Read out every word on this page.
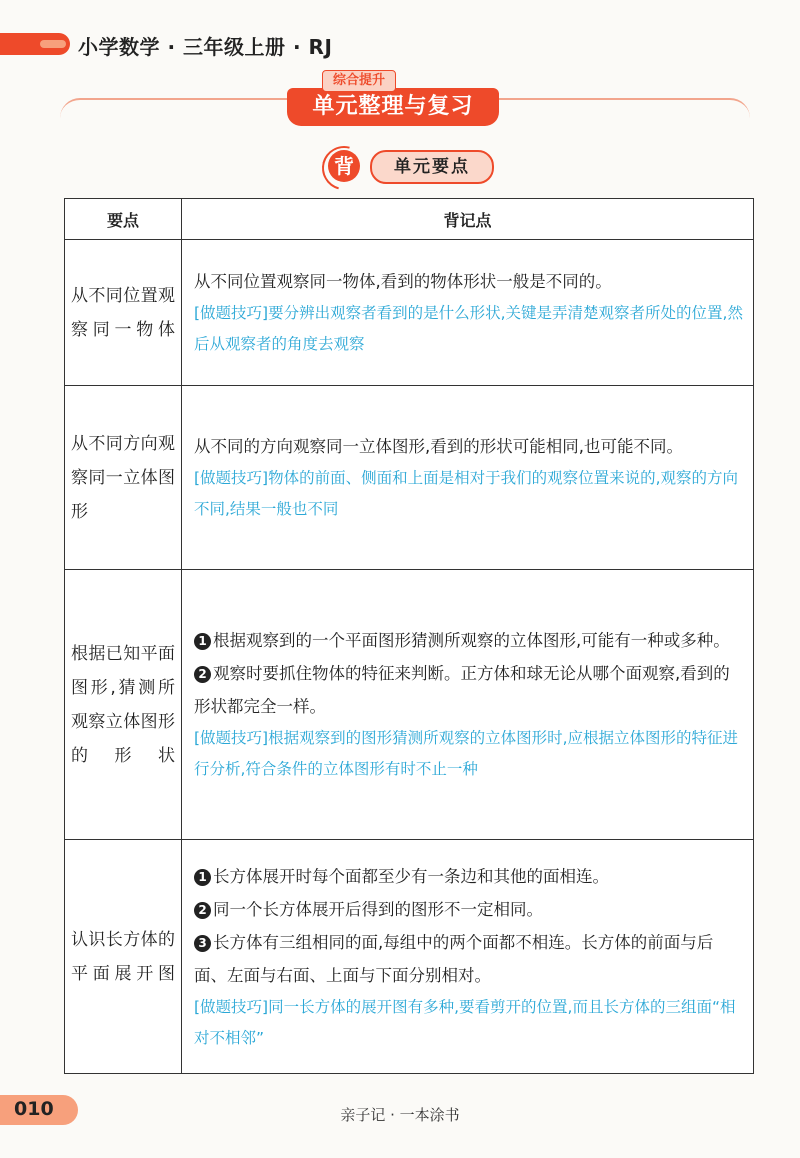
小学数学 · 三年级上册 · RJ
单元整理与复习
综合提升
背	单元要点
要点	背记点
从不同位置观察同一物体	从不同位置观察同一物体,看到的物体形状一般是不同的。
[做题技巧]要分辨出观察者看到的是什么形状,关键是弄清楚观察者所处的位置,然后从观察者的角度去观察

从不同方向观察同一立体图形	从不同的方向观察同一立体图形,看到的形状可能相同,也可能不同。
[做题技巧]物体的前面、侧面和上面是相对于我们的观察位置来说的,观察的方向不同,结果一般也不同

根据已知平面图形,猜测所观察立体图形的形状	1 根据观察到的一个平面图形猜测所观察的立体图形,可能有一种或多种。
2 观察时要抓住物体的特征来判断。正方体和球无论从哪个面观察,看到的形状都完全一样。
[做题技巧]根据观察到的图形猜测所观察的立体图形时,应根据立体图形的特征进行分析,符合条件的立体图形有时不止一种

认识长方体的平面展开图	1 长方体展开时每个面都至少有一条边和其他的面相连。
2 同一个长方体展开后得到的图形不一定相同。
3 长方体有三组相同的面,每组中的两个面都不相连。长方体的前面与后面、左面与右面、上面与下面分别相对。
[做题技巧]同一长方体的展开图有多种,要看剪开的位置,而且长方体的三组面“相对不相邻”
010	亲子记 · 一本涂书
